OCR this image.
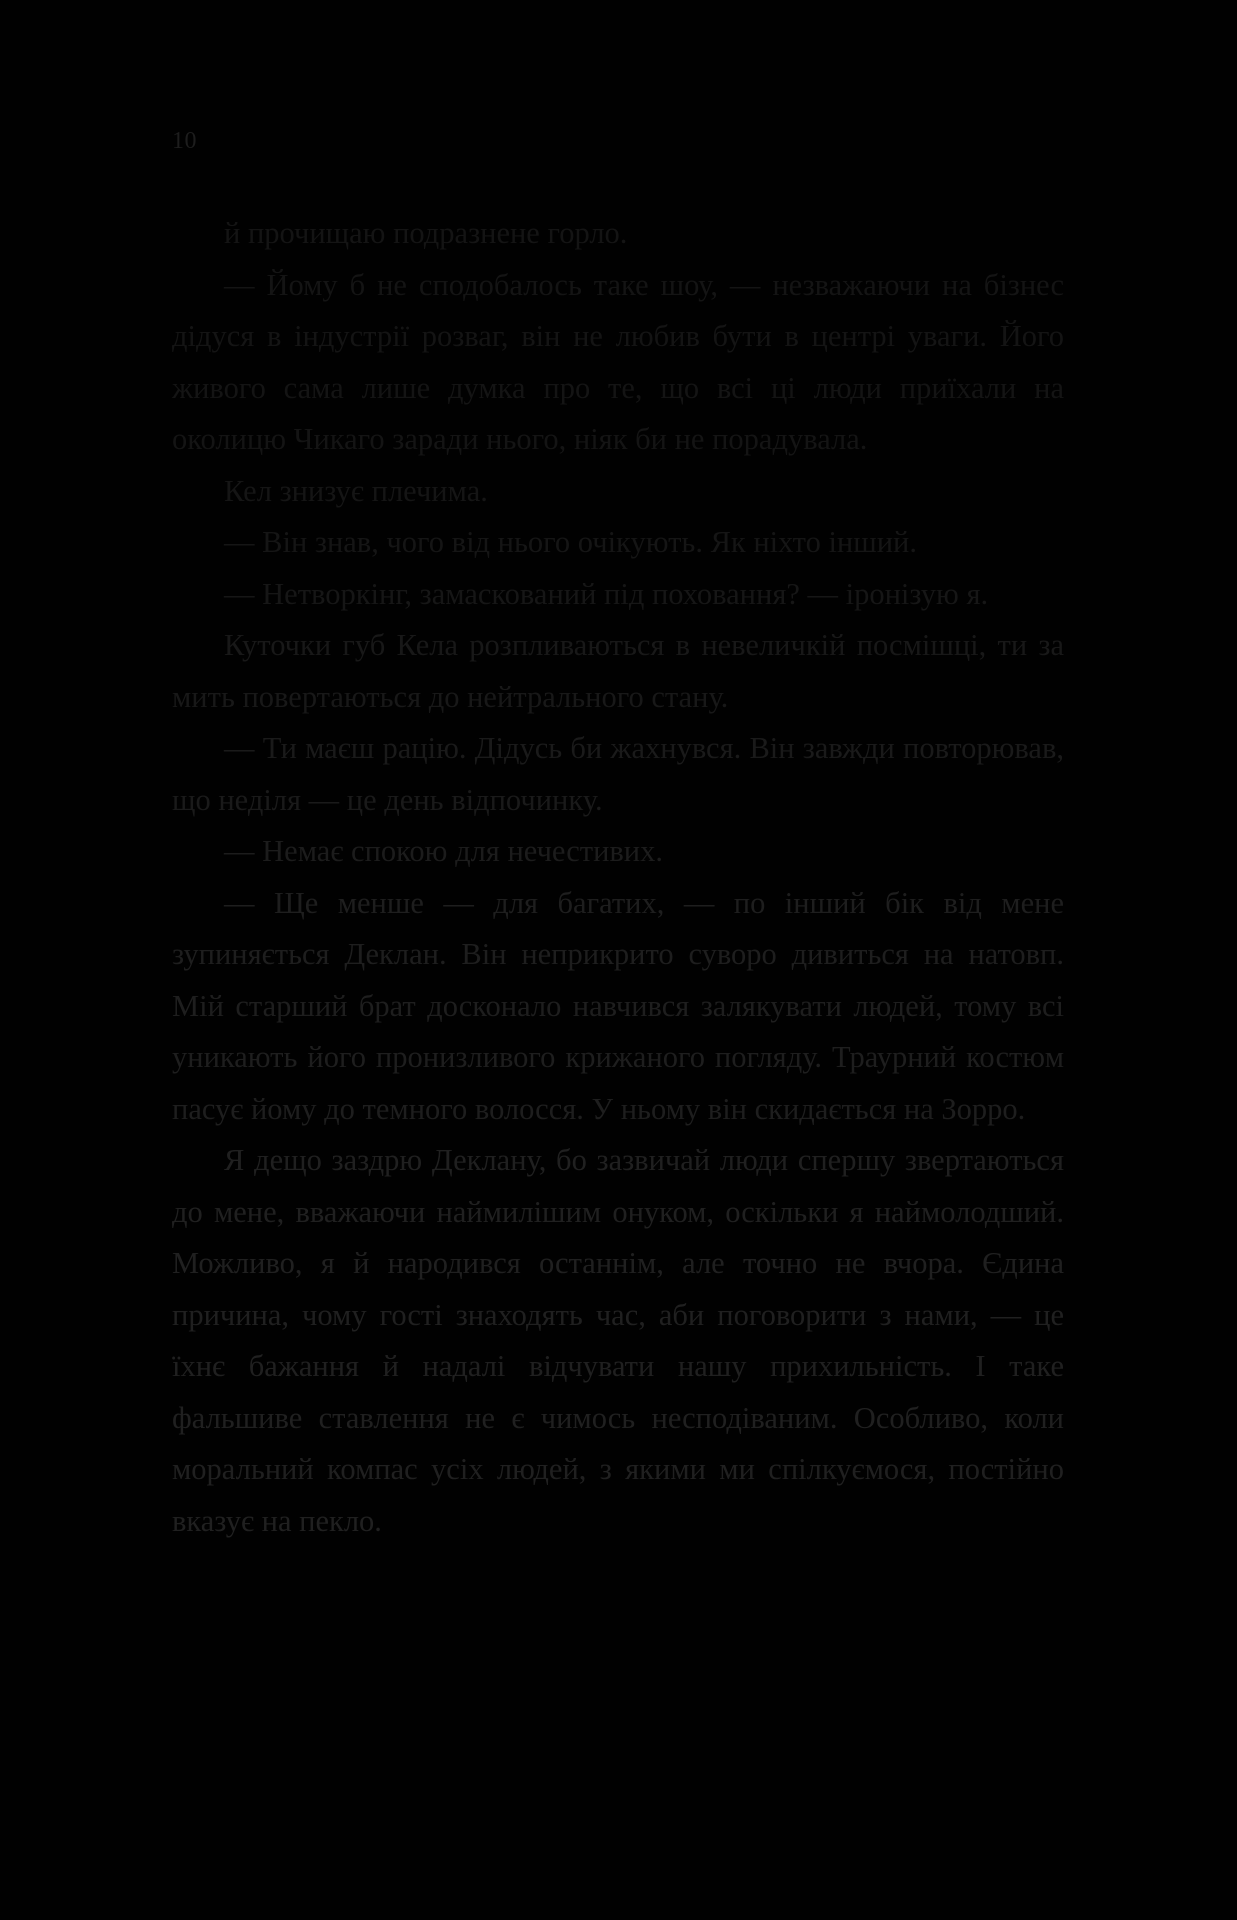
10

й прочищаю подразнене горло.

— Йому б не сподобалось таке шоу, — незважаючи на бізнес дідуся в індустрії розваг, він не любив бути в центрі уваги. Його живого сама лише думка про те, що всі ці люди приїхали на околицю Чикаго заради нього, ніяк би не порадувала.

Кел знизує плечима.

— Він знав, чого від нього очікують. Як ніхто інший.

— Нетворкінг, замаскований під поховання? — іронізую я.

Куточки губ Кела розпливаються в невеличкій посмішці, ти за мить повертаються до нейтрального стану.

— Ти маєш рацію. Дідусь би жахнувся. Він завжди повторював, що неділя — це день відпочинку.

— Немає спокою для нечестивих.

— Ще менше — для багатих, — по інший бік від мене зупиняється Деклан. Він неприкрито суворо дивиться на натовп. Мій старший брат досконало навчився залякувати людей, тому всі уникають його пронизливого крижаного погляду. Траурний костюм пасує йому до темного волосся. У ньому він скидається на Зорро.

Я дещо заздрю Деклану, бо зазвичай люди спершу звертаються до мене, вважаючи наймилішим онуком, оскільки я наймолодший. Можливо, я й народився останнім, але точно не вчора. Єдина причина, чому гості знаходять час, аби поговорити з нами, — це їхнє бажання й надалі відчувати нашу прихильність. І таке фальшиве ставлення не є чимось несподіваним. Особливо, коли моральний компас усіх людей, з якими ми спілкуємося, постійно вказує на пекло.
